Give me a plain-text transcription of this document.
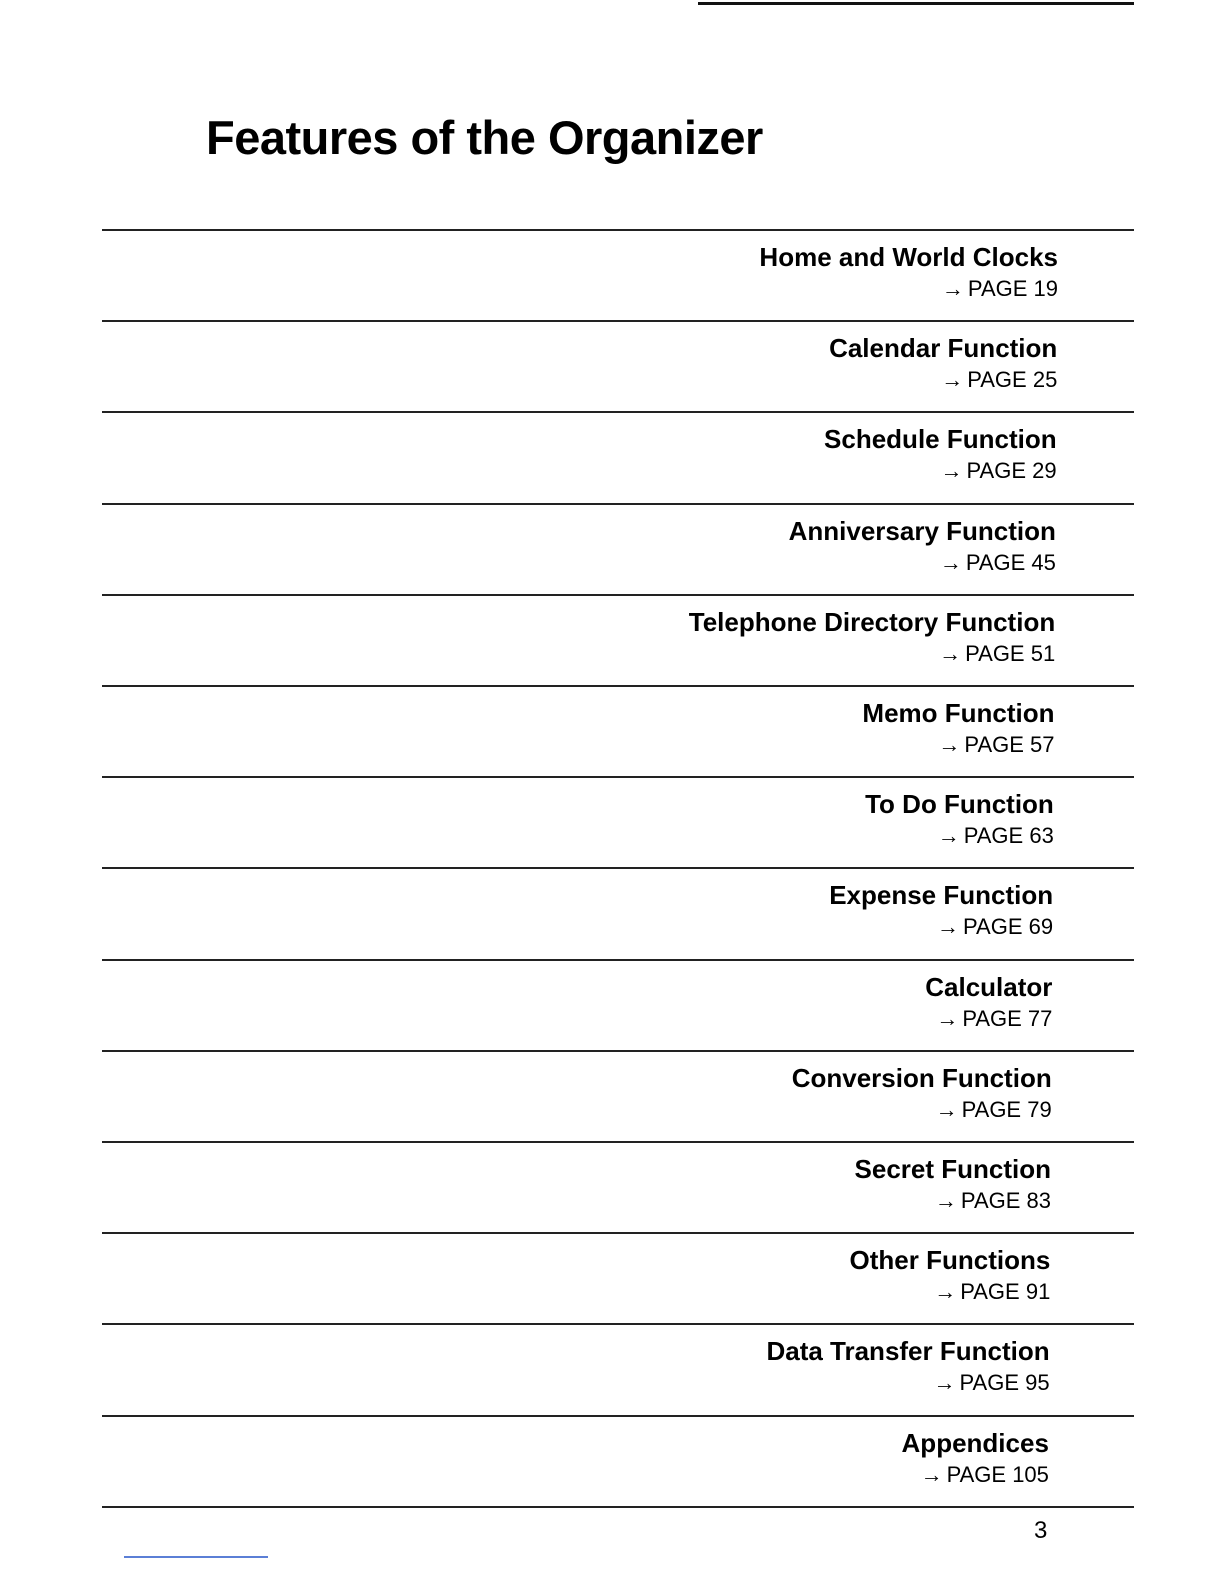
Features of the Organizer
Home and World Clocks
→ PAGE 19
Calendar Function
→ PAGE 25
Schedule Function
→ PAGE 29
Anniversary Function
→ PAGE 45
Telephone Directory Function
→ PAGE 51
Memo Function
→ PAGE 57
To Do Function
→ PAGE 63
Expense Function
→ PAGE 69
Calculator
→ PAGE 77
Conversion Function
→ PAGE 79
Secret Function
→ PAGE 83
Other Functions
→ PAGE 91
Data Transfer Function
→ PAGE 95
Appendices
→ PAGE 105
3
